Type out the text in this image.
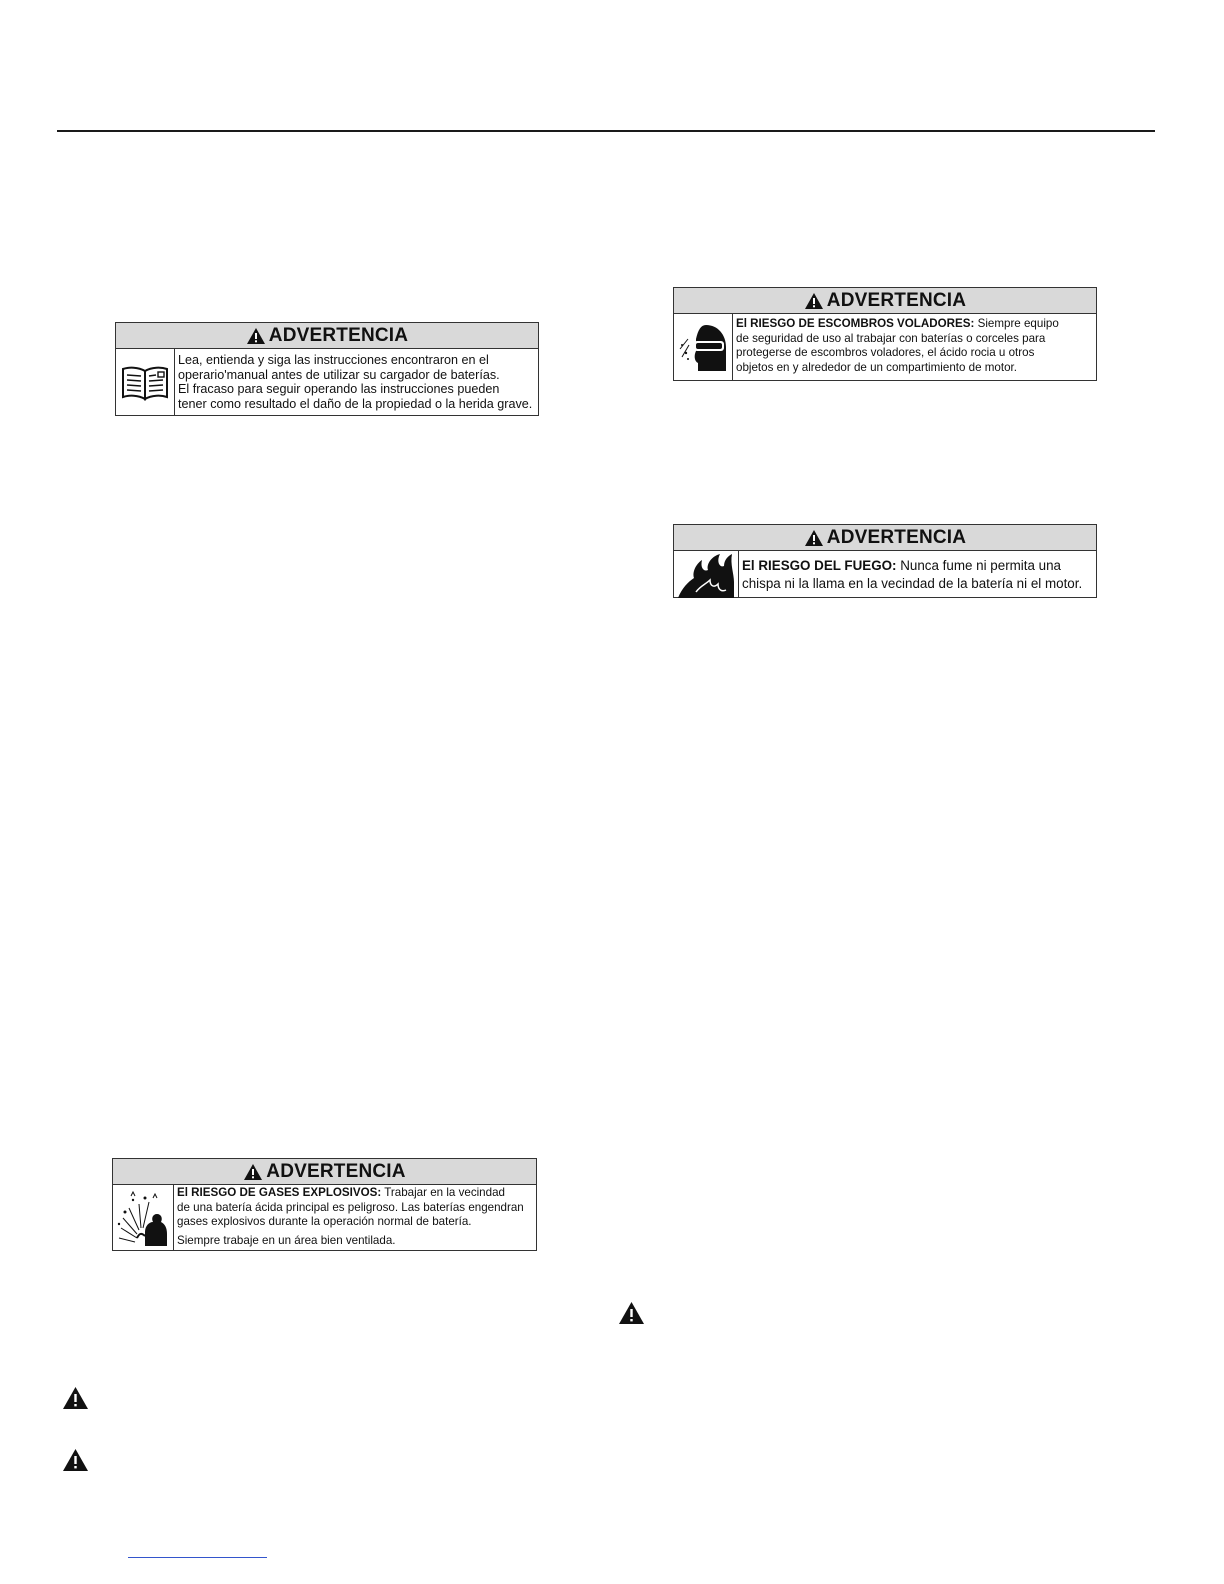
ADVERTENCIA

Lea, entienda y siga las instrucciones encontraron en el

operario'manual antes de utilizar su cargador de baterías.

El fracaso para seguir operando las instrucciones pueden

tener como resultado el daño de la propiedad o la herida grave.

ADVERTENCIA

El RIESGO DE ESCOMBROS VOLADORES: Siempre equipo

de seguridad de uso al trabajar con baterías o corceles para

protegerse de escombros voladores, el ácido rocia u otros

objetos en y alrededor de un compartimiento de motor.

ADVERTENCIA

El RIESGO DEL FUEGO: Nunca fume ni permita una

chispa ni la llama en la vecindad de la batería ni el motor.

ADVERTENCIA

El RIESGO DE GASES EXPLOSIVOS: Trabajar en la vecindad

de una batería ácida principal es peligroso. Las baterías engendran

gases explosivos durante la operación normal de batería.

Siempre trabaje en un área bien ventilada.
